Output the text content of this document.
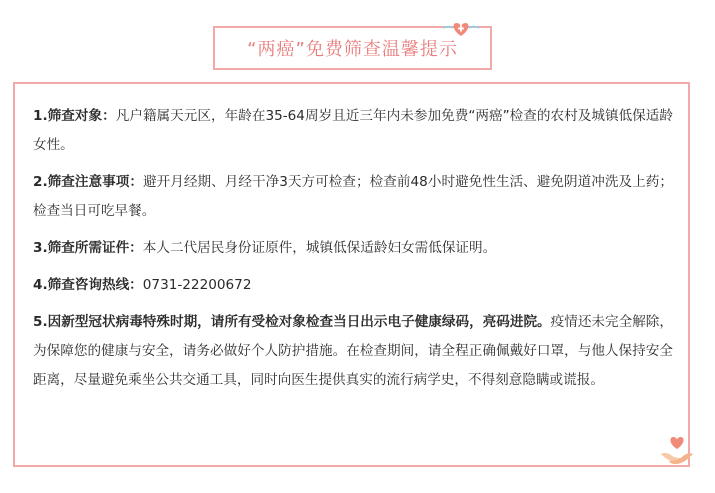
“两癌”免费筛查温馨提示

1.筛查对象：凡户籍属天元区，年龄在35-64周岁且近三年内未参加免费“两癌”检查的农村及城镇低保适龄女性。

2.筛查注意事项：避开月经期、月经干净3天方可检查；检查前48小时避免性生活、避免阴道冲洗及上药；检查当日可吃早餐。

3.筛查所需证件：本人二代居民身份证原件，城镇低保适龄妇女需低保证明。

4.筛查咨询热线：0731-22200672

5.因新型冠状病毒特殊时期，请所有受检对象检查当日出示电子健康绿码，亮码进院。疫情还未完全解除，为保障您的健康与安全，请务必做好个人防护措施。在检查期间，请全程正确佩戴好口罩，与他人保持安全距离，尽量避免乘坐公共交通工具，同时向医生提供真实的流行病学史，不得刻意隐瞒或谎报。
